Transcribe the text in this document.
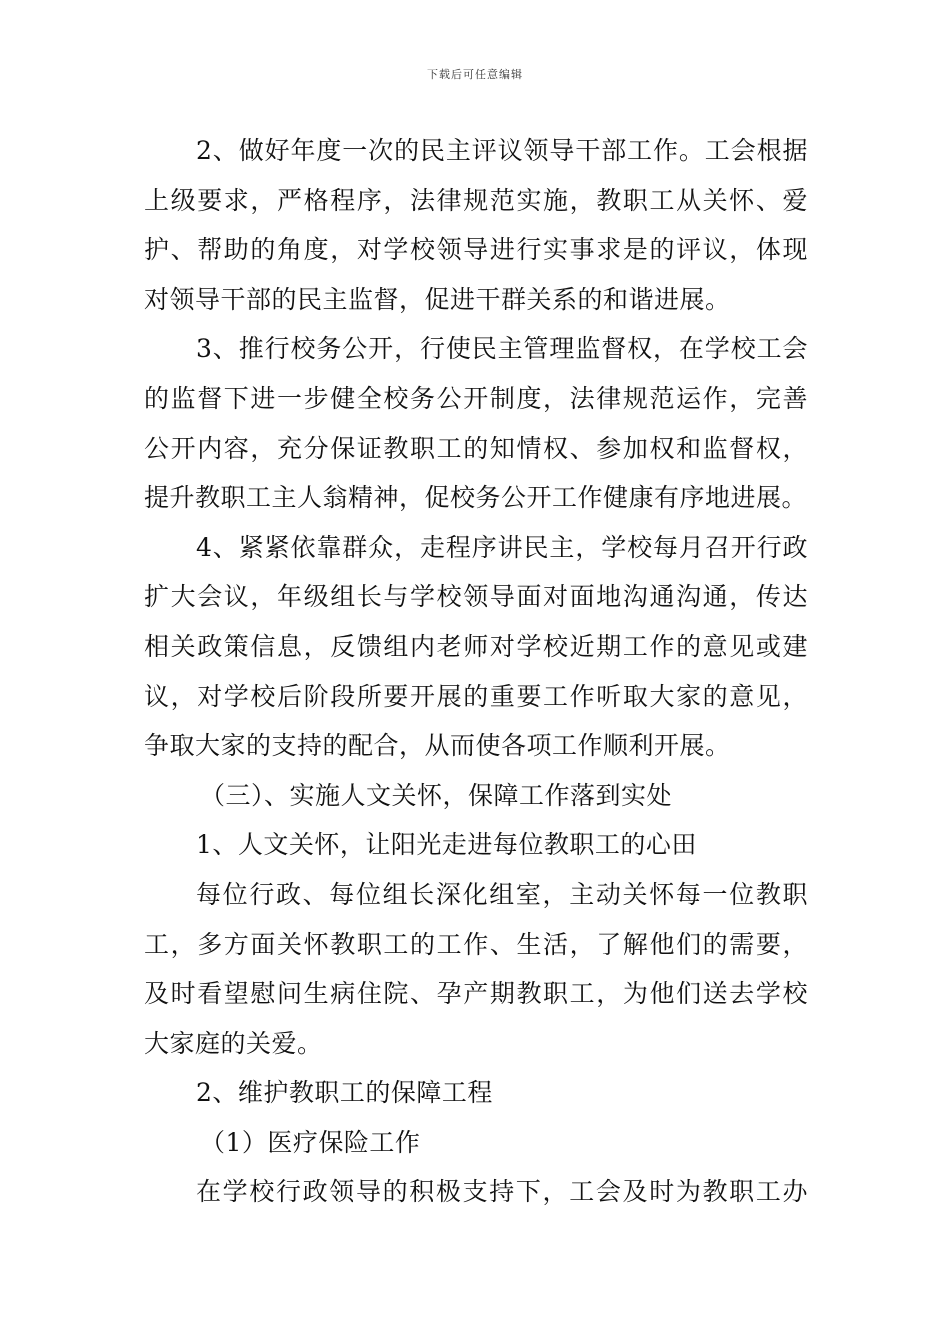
下载后可任意编辑
2、做好年度一次的民主评议领导干部工作。工会根据
上级要求，严格程序，法律规范实施，教职工从关怀、爱
护、帮助的角度，对学校领导进行实事求是的评议，体现
对领导干部的民主监督，促进干群关系的和谐进展。
3、推行校务公开，行使民主管理监督权，在学校工会
的监督下进一步健全校务公开制度，法律规范运作，完善
公开内容，充分保证教职工的知情权、参加权和监督权，
提升教职工主人翁精神，促校务公开工作健康有序地进展。
4、紧紧依靠群众，走程序讲民主，学校每月召开行政
扩大会议，年级组长与学校领导面对面地沟通沟通，传达
相关政策信息，反馈组内老师对学校近期工作的意见或建
议，对学校后阶段所要开展的重要工作听取大家的意见，
争取大家的支持的配合，从而使各项工作顺利开展。
（三）、实施人文关怀，保障工作落到实处
1、人文关怀，让阳光走进每位教职工的心田
每位行政、每位组长深化组室，主动关怀每一位教职
工，多方面关怀教职工的工作、生活，了解他们的需要，
及时看望慰问生病住院、孕产期教职工，为他们送去学校
大家庭的关爱。
2、维护教职工的保障工程
（1）医疗保险工作
在学校行政领导的积极支持下，工会及时为教职工办
